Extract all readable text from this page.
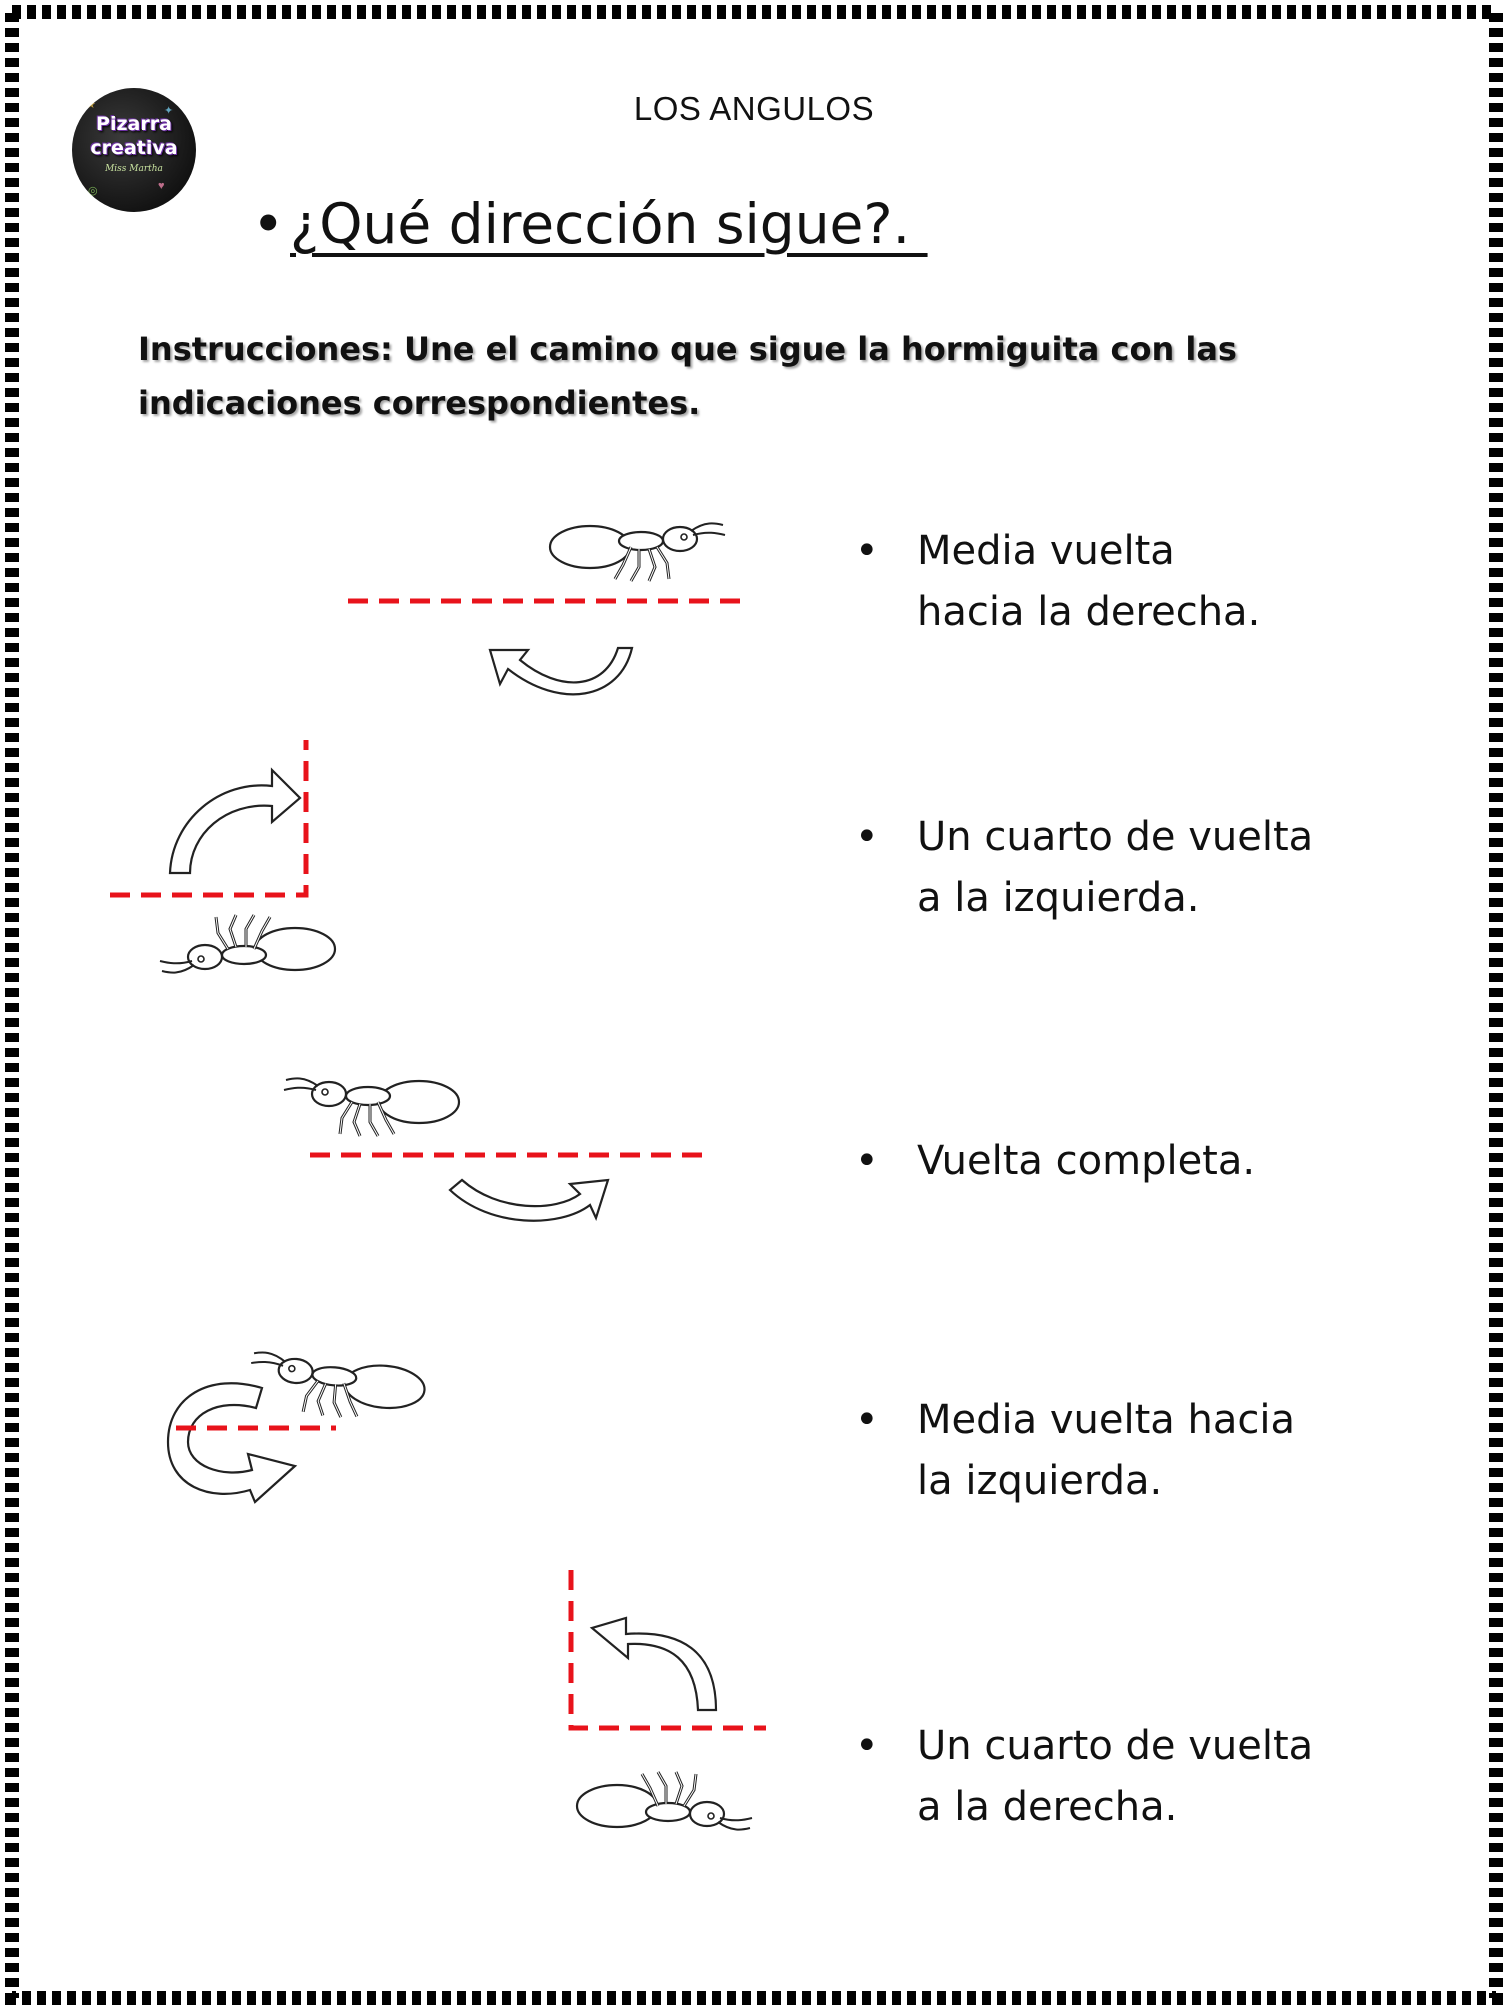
★	✦
♥
◎
Pizarra
creativa
Miss Martha
LOS ANGULOS
• ¿Qué dirección sigue?.
Instrucciones: Une el camino que sigue la hormiguita con las
indicaciones correspondientes.
• Media vuelta
hacia la derecha.
• Un cuarto de vuelta
a la izquierda.
• Vuelta completa.
• Media vuelta hacia
la izquierda.
• Un cuarto de vuelta
a la derecha.
